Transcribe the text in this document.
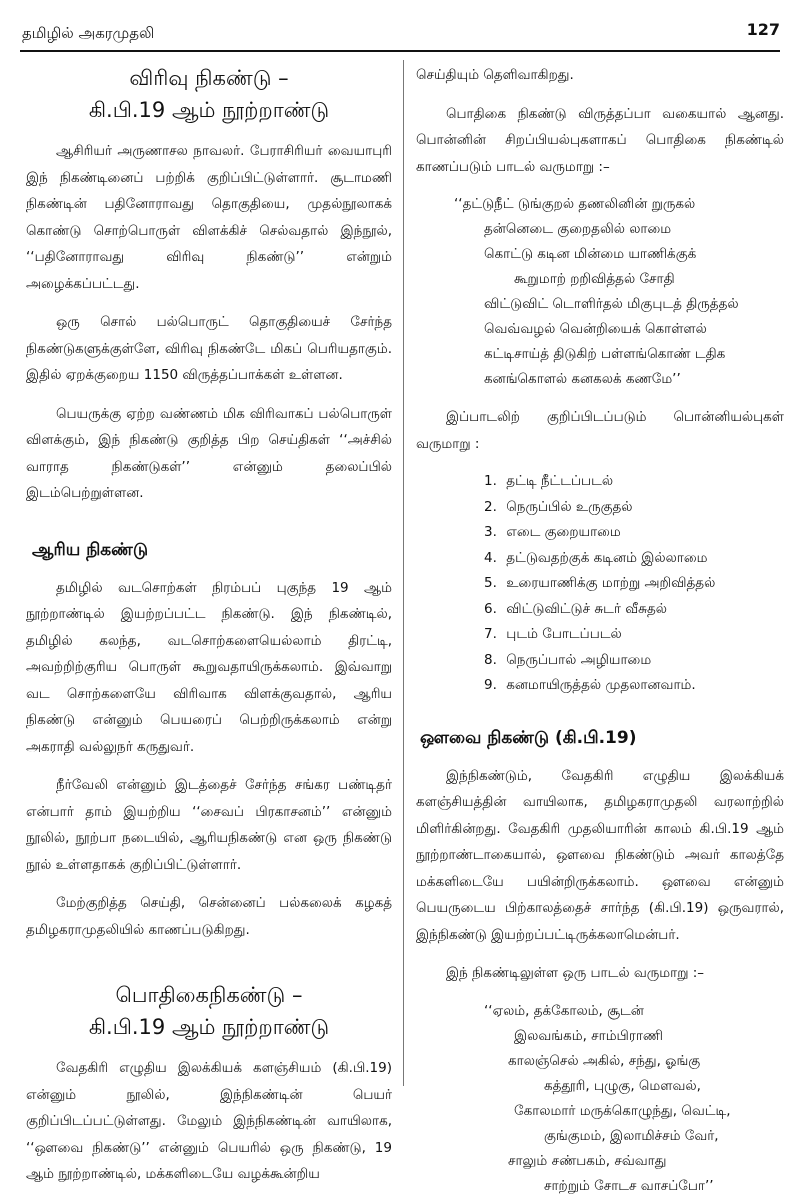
தமிழில் அகரமுதலி	127
விரிவு நிகண்டு –
கி.பி.19 ஆம் நூற்றாண்டு

ஆசிரியர் அருணாசல நாவலர். பேராசிரியர் வையாபுரி இந் நிகண்டினைப் பற்றிக் குறிப்பிட்டுள்ளார். சூடாமணி நிகண்டின் பதினோராவது தொகுதியை, முதல்நூலாகக் கொண்டு சொற்பொருள் விளக்கிச் செல்வதால் இந்நூல், ‘‘பதினோராவது விரிவு நிகண்டு’’ என்றும் அழைக்கப்பட்டது.

ஒரு சொல் பல்பொருட் தொகுதியைச் சேர்ந்த நிகண்டுகளுக்குள்ளே, விரிவு நிகண்டே மிகப் பெரியதாகும். இதில் ஏறக்குறைய 1150 விருத்தப்பாக்கள் உள்ளன.

பெயருக்கு ஏற்ற வண்ணம் மிக விரிவாகப் பல்பொருள் விளக்கும், இந் நிகண்டு குறித்த பிற செய்திகள் ‘‘அச்சில் வாராத நிகண்டுகள்’’ என்னும் தலைப்பில் இடம்பெற்றுள்ளன.

ஆரிய நிகண்டு

தமிழில் வடசொற்கள் நிரம்பப் புகுந்த 19 ஆம் நூற்றாண்டில் இயற்றப்பட்ட நிகண்டு. இந் நிகண்டில், தமிழில் கலந்த, வடசொற்களையெல்லாம் திரட்டி, அவற்றிற்குரிய பொருள் கூறுவதாயிருக்கலாம். இவ்வாறு வட சொற்களையே விரிவாக விளக்குவதால், ஆரிய நிகண்டு என்னும் பெயரைப் பெற்றிருக்கலாம் என்று அகராதி வல்லுநர் கருதுவர்.

நீர்வேலி என்னும் இடத்தைச் சேர்ந்த சங்கர பண்டிதர் என்பார் தாம் இயற்றிய ‘‘சைவப் பிரகாசனம்’’ என்னும் நூலில், நூற்பா நடையில், ஆரியநிகண்டு என ஒரு நிகண்டு நூல் உள்ளதாகக் குறிப்பிட்டுள்ளார்.

மேற்குறித்த செய்தி, சென்னைப் பல்கலைக் கழகத் தமிழகராமுதலியில் காணப்படுகிறது.

பொதிகைநிகண்டு –
கி.பி.19 ஆம் நூற்றாண்டு

வேதகிரி எழுதிய இலக்கியக் களஞ்சியம் (கி.பி.19) என்னும் நூலில், இந்நிகண்டின் பெயர் குறிப்பிடப்பட்டுள்ளது. மேலும் இந்நிகண்டின் வாயிலாக, ‘‘ஔவை நிகண்டு’’ என்னும் பெயரில் ஒரு நிகண்டு, 19 ஆம் நூற்றாண்டில், மக்களிடையே வழக்கூன்றிய

செய்தியும் தெளிவாகிறது.

பொதிகை நிகண்டு விருத்தப்பா வகையால் ஆனது. பொன்னின் சிறப்பியல்புகளாகப் பொதிகை நிகண்டில் காணப்படும் பாடல் வருமாறு :–

‘‘தட்டுநீட் டுங்குறல் தணலினின் றுருகல்
தன்னெடை குறைதலில் லாமை
கொட்டு கடின மின்மை யாணிக்குக்
கூறுமாற் றறிவித்தல் சோதி
விட்டுவிட் டொளிர்தல் மிகுபுடத் திருத்தல்
வெவ்வழல் வென்றியைக் கொள்ளல்
கட்டிசாய்த் திடுகிற் பள்ளங்கொண் டதிக
கனங்கொளல் கனகலக் கணமே’’

இப்பாடலிற் குறிப்பிடப்படும் பொன்னியல்புகள் வருமாறு :

1. தட்டி நீட்டப்படல்
2. நெருப்பில் உருகுதல்
3. எடை குறையாமை
4. தட்டுவதற்குக் கடினம் இல்லாமை
5. உரையாணிக்கு மாற்று அறிவித்தல்
6. விட்டுவிட்டுச் சுடர் வீசுதல்
7. புடம் போடப்படல்
8. நெருப்பால் அழியாமை
9. கனமாயிருத்தல் முதலானவாம்.
ஔவை நிகண்டு (கி.பி.19)

இந்நிகண்டும், வேதகிரி எழுதிய இலக்கியக் களஞ்சியத்தின் வாயிலாக, தமிழகராமுதலி வரலாற்றில் மிளிர்கின்றது. வேதகிரி முதலியாரின் காலம் கி.பி.19 ஆம் நூற்றாண்டாகையால், ஔவை நிகண்டும் அவர் காலத்தே மக்களிடையே பயின்றிருக்கலாம். ஔவை என்னும் பெயருடைய பிற்காலத்தைச் சார்ந்த (கி.பி.19) ஒருவரால், இந்நிகண்டு இயற்றப்பட்டிருக்கலாமென்பர்.

இந் நிகண்டிலுள்ள ஒரு பாடல் வருமாறு :–

‘‘ஏலம், தக்கோலம், சூடன்
இலவங்கம், சாம்பிராணி
காலஞ்செல் அகில், சந்து, ஓங்கு
கத்தூரி, புழுகு, மௌவல்,
கோலமார் மருக்கொழுந்து, வெட்டி,
குங்குமம், இலாமிச்சம் வேர்,
சாலும் சண்பகம், சவ்வாது
சாற்றும் சோடச வாசப்போ’’
